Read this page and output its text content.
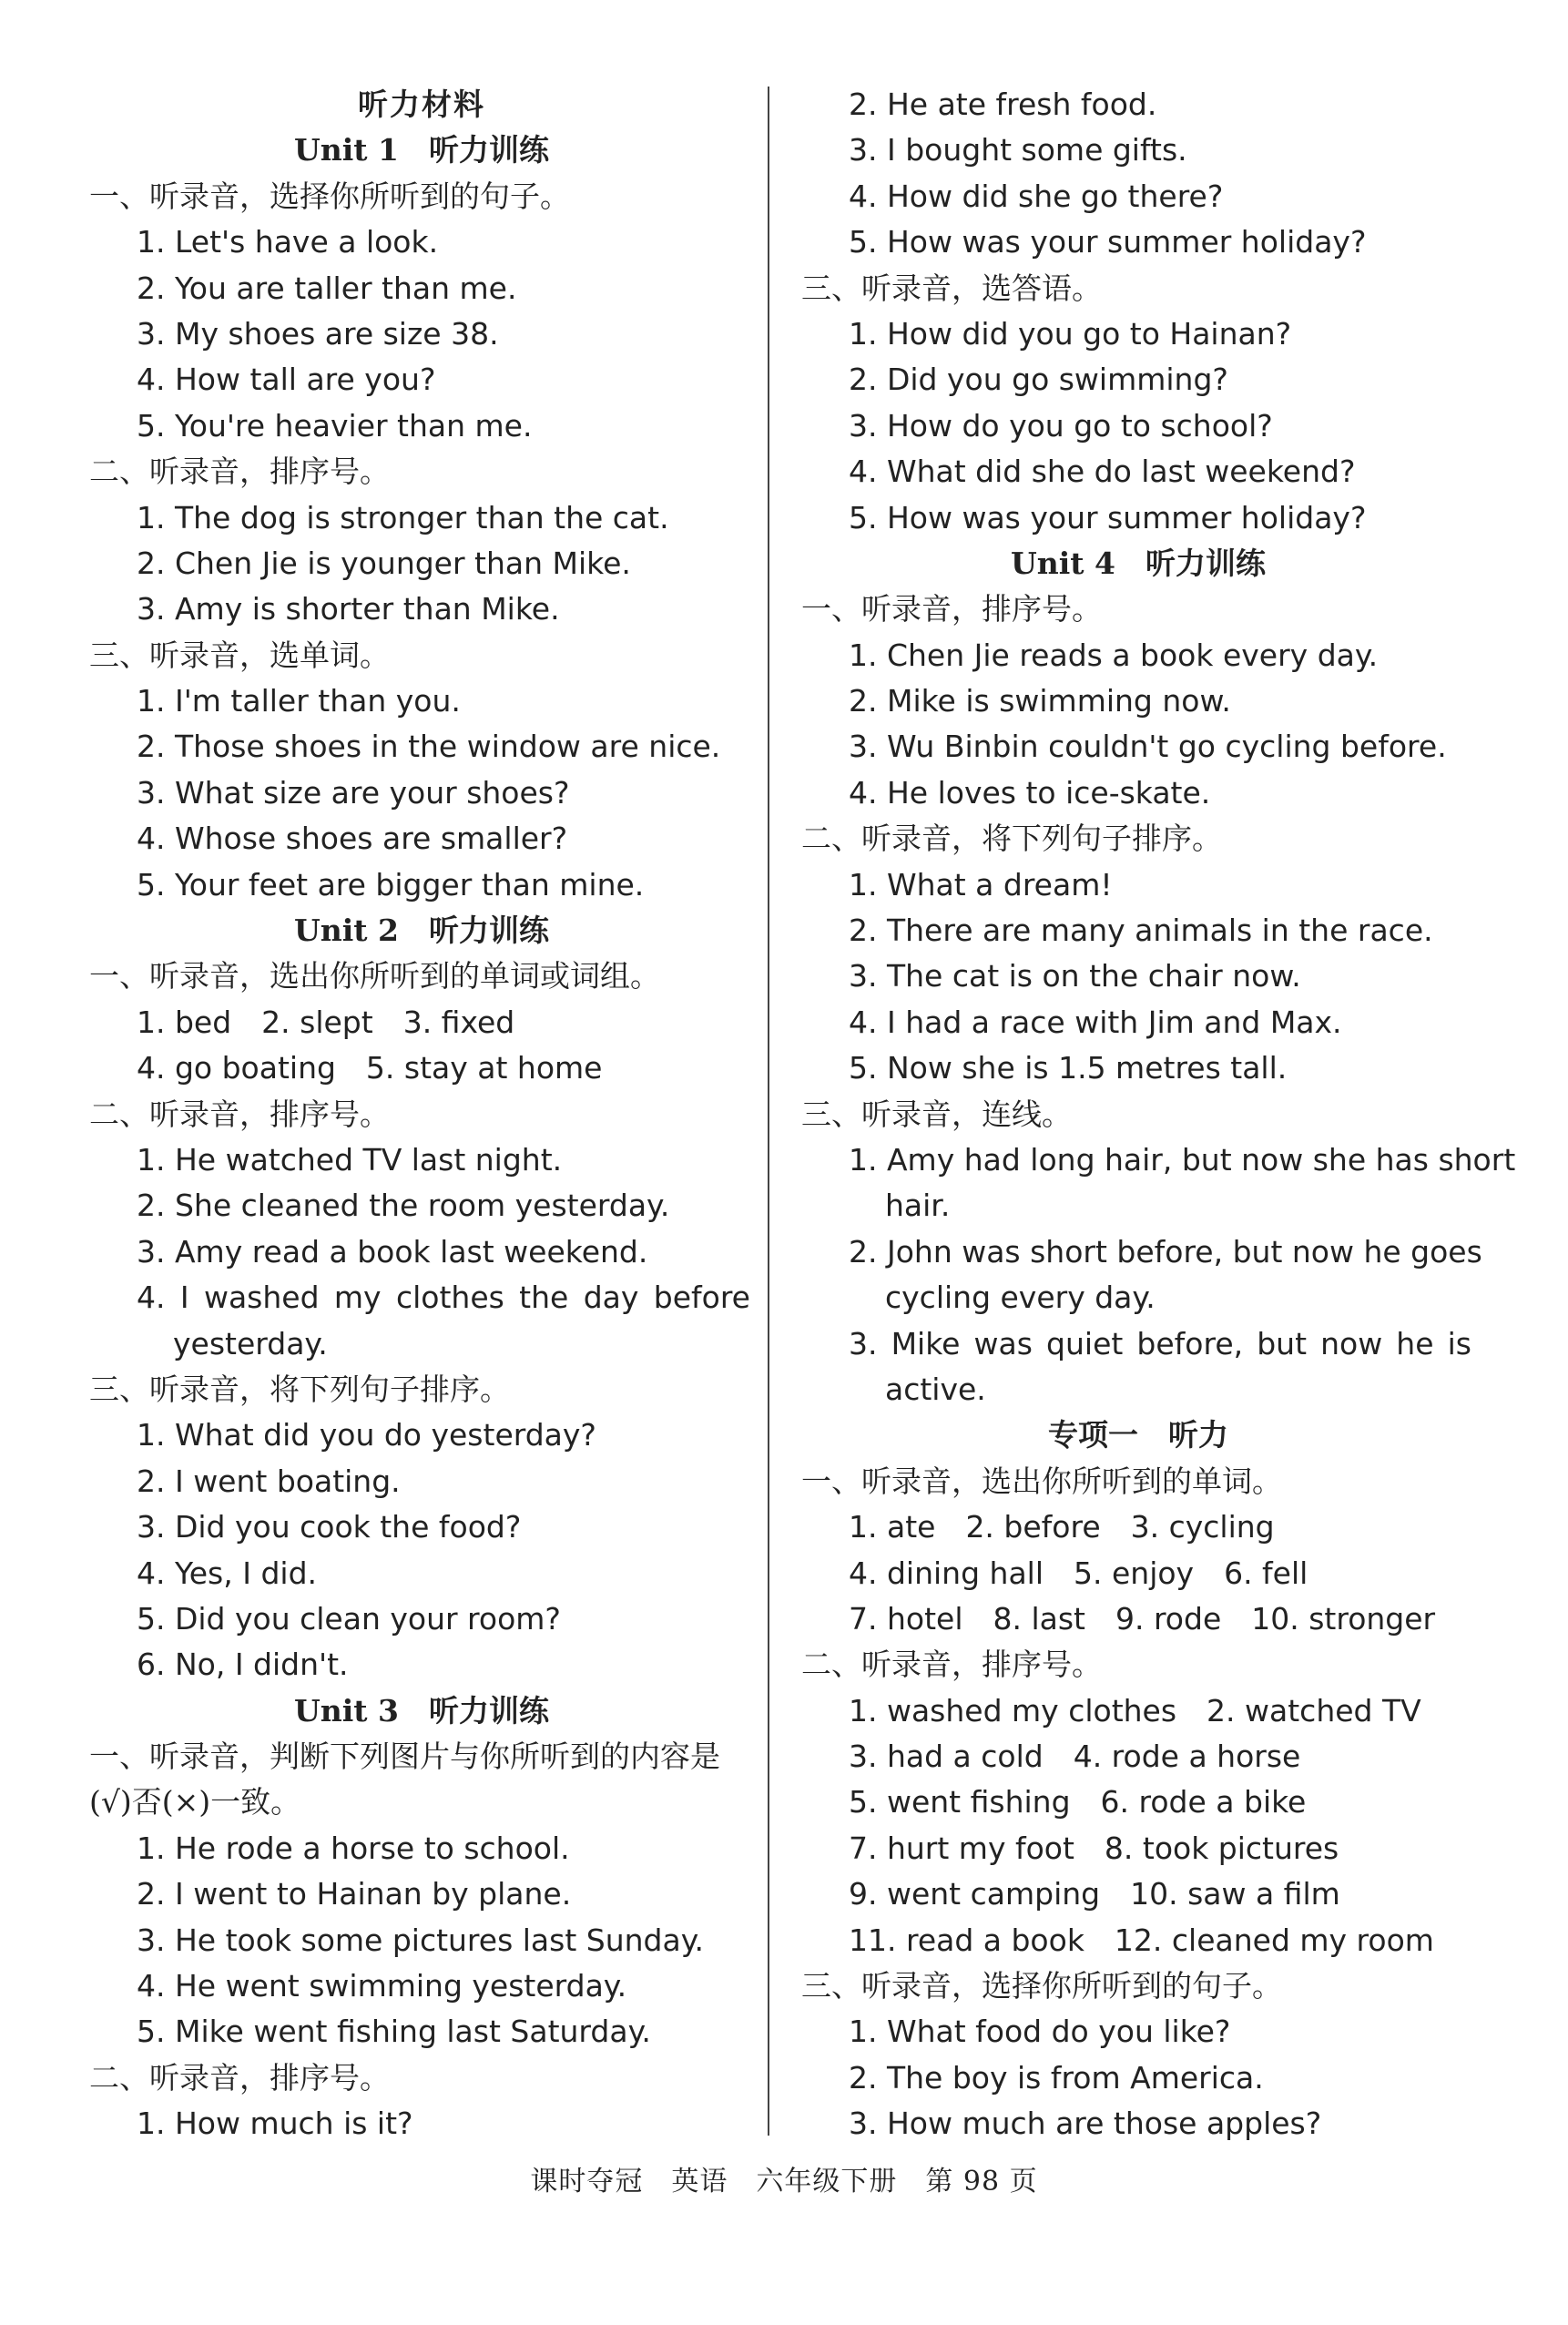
听力材料
Unit 1　听力训练
一、听录音，选择你所听到的句子。
1. Let's have a look.
2. You are taller than me.
3. My shoes are size 38.
4. How tall are you?
5. You're heavier than me.
二、听录音，排序号。
1. The dog is stronger than the cat.
2. Chen Jie is younger than Mike.
3. Amy is shorter than Mike.
三、听录音，选单词。
1. I'm taller than you.
2. Those shoes in the window are nice.
3. What size are your shoes?
4. Whose shoes are smaller?
5. Your feet are bigger than mine.
Unit 2　听力训练
一、听录音，选出你所听到的单词或词组。
1. bed　2. slept　3. fixed
4. go boating　5. stay at home
二、听录音，排序号。
1. He watched TV last night.
2. She cleaned the room yesterday.
3. Amy read a book last weekend.
4. I washed my clothes the day before
yesterday.
三、听录音，将下列句子排序。
1. What did you do yesterday?
2. I went boating.
3. Did you cook the food?
4. Yes, I did.
5. Did you clean your room?
6. No, I didn't.
Unit 3　听力训练
一、听录音，判断下列图片与你所听到的内容是
(√)否(×)一致。
1. He rode a horse to school.
2. I went to Hainan by plane.
3. He took some pictures last Sunday.
4. He went swimming yesterday.
5. Mike went fishing last Saturday.
二、听录音，排序号。
1. How much is it?
2. He ate fresh food.
3. I bought some gifts.
4. How did she go there?
5. How was your summer holiday?
三、听录音，选答语。
1. How did you go to Hainan?
2. Did you go swimming?
3. How do you go to school?
4. What did she do last weekend?
5. How was your summer holiday?
Unit 4　听力训练
一、听录音，排序号。
1. Chen Jie reads a book every day.
2. Mike is swimming now.
3. Wu Binbin couldn't go cycling before.
4. He loves to ice-skate.
二、听录音，将下列句子排序。
1. What a dream!
2. There are many animals in the race.
3. The cat is on the chair now.
4. I had a race with Jim and Max.
5. Now she is 1.5 metres tall.
三、听录音，连线。
1. Amy had long hair, but now she has short
hair.
2. John was short before, but now he goes
cycling every day.
3. Mike was quiet before, but now he is
active.
专项一　听力
一、听录音，选出你所听到的单词。
1. ate　2. before　3. cycling
4. dining hall　5. enjoy　6. fell
7. hotel　8. last　9. rode　10. stronger
二、听录音，排序号。
1. washed my clothes　2. watched TV
3. had a cold　4. rode a horse
5. went fishing　6. rode a bike
7. hurt my foot　8. took pictures
9. went camping　10. saw a film
11. read a book　12. cleaned my room
三、听录音，选择你所听到的句子。
1. What food do you like?
2. The boy is from America.
3. How much are those apples?
课时夺冠　英语　六年级下册　第 98 页
